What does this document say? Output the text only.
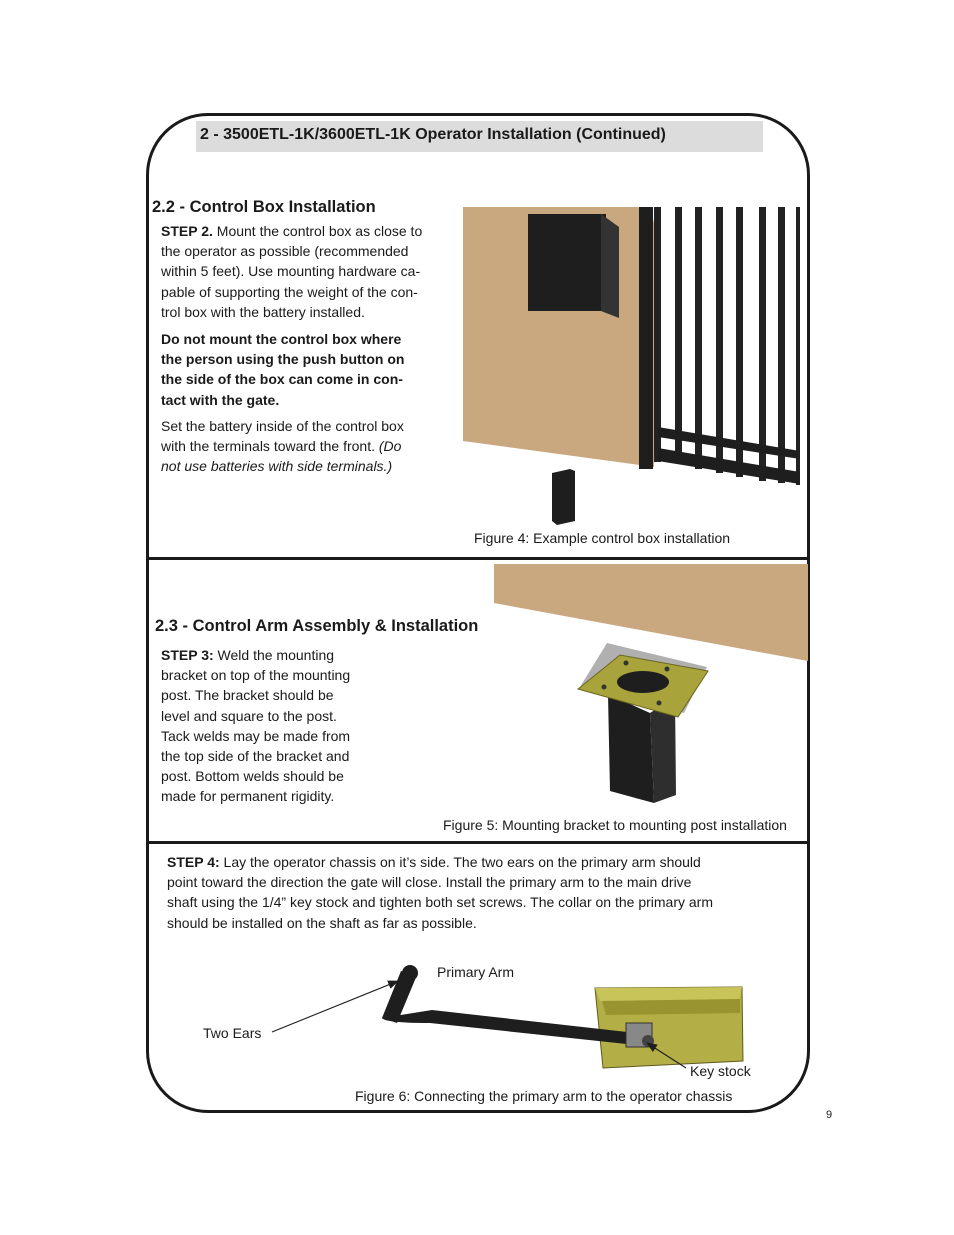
2 - 3500ETL-1K/3600ETL-1K Operator Installation (Continued)
2.2 - Control Box Installation

STEP 2. Mount the control box as close to
the operator as possible (recommended
within 5 feet). Use mounting hardware ca-
pable of supporting the weight of the con-
trol box with the battery installed.

Do not mount the control box where
the person using the push button on
the side of the box can come in con-
tact with the gate.

Set the battery inside of the control box
with the terminals toward the front. (Do
not use batteries with side terminals.)

Figure 4: Example control box installation
2.3 - Control Arm Assembly & Installation

STEP 3: Weld the mounting
bracket on top of the mounting
post. The bracket should be
level and square to the post.
Tack welds may be made from
the top side of the bracket and
post. Bottom welds should be
made for permanent rigidity.

Figure 5: Mounting bracket to mounting post installation

STEP 4: Lay the operator chassis on it’s side. The two ears on the primary arm should
point toward the direction the gate will close. Install the primary arm to the main drive
shaft using the 1/4” key stock and tighten both set screws. The collar on the primary arm
should be installed on the shaft as far as possible.

Primary Arm
Two Ears
Key stock
Figure 6: Connecting the primary arm to the operator chassis
9
